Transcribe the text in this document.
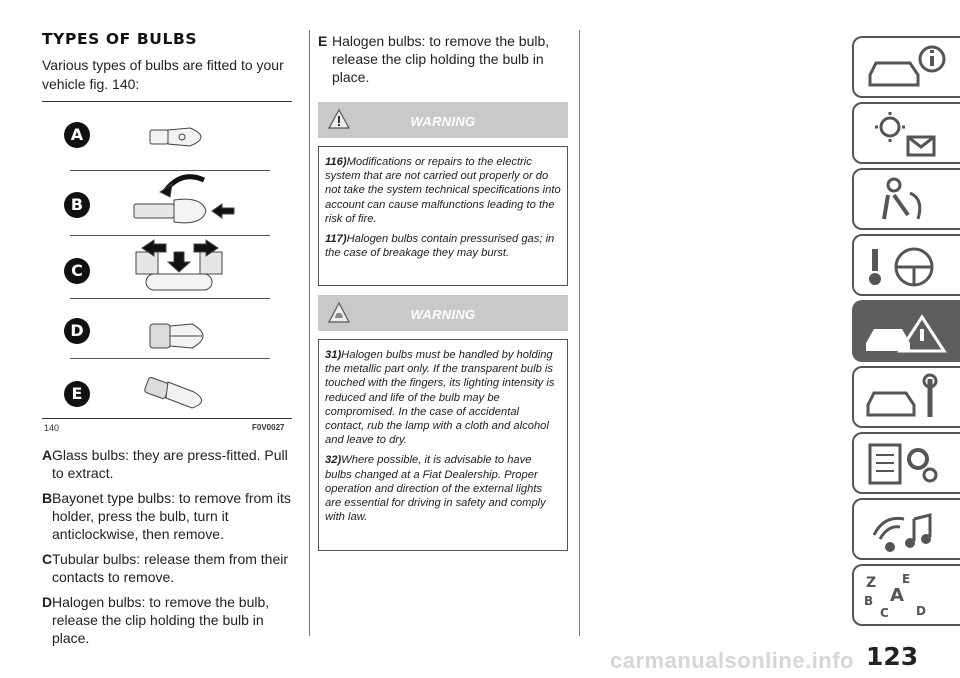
TYPES OF BULBS
Various types of bulbs are fitted to your vehicle fig. 140:
A
B
C
D
E
140	F0V0027
A Glass bulbs: they are press-fitted. Pull to extract.
B Bayonet type bulbs: to remove from its holder, press the bulb, turn it anticlockwise, then remove.
C Tubular bulbs: release them from their contacts to remove.
D Halogen bulbs: to remove the bulb, release the clip holding the bulb in place.
E Halogen bulbs: to remove the bulb, release the clip holding the bulb in place.
WARNING

116)Modifications or repairs to the electric system that are not carried out properly or do not take the system technical specifications into account can cause malfunctions leading to the risk of fire.

117)Halogen bulbs contain pressurised gas; in the case of breakage they may burst.

WARNING

31)Halogen bulbs must be handled by holding the metallic part only. If the transparent bulb is touched with the fingers, its lighting intensity is reduced and life of the bulb may be compromised. In the case of accidental contact, rub the lamp with a cloth and alcohol and leave to dry.

32)Where possible, it is advisable to have bulbs changed at a Fiat Dealership. Proper operation and direction of the external lights are essential for driving in safety and comply with law.

Z E
B A
D
C
carmanualsonline.info 123
